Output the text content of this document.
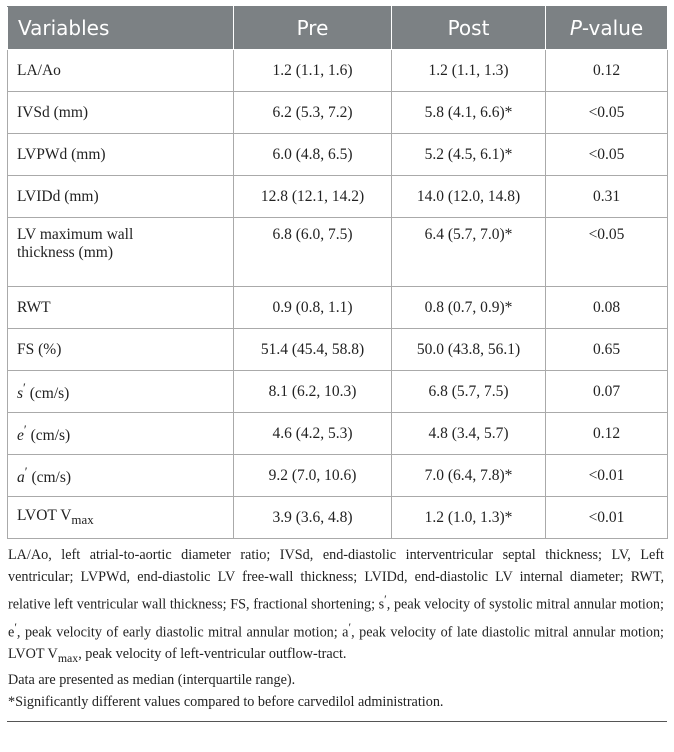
Variables	Pre	Post	P-value
LA/Ao	1.2 (1.1, 1.6)	1.2 (1.1, 1.3)	0.12
IVSd (mm)	6.2 (5.3, 7.2)	5.8 (4.1, 6.6)*	<0.05
LVPWd (mm)	6.0 (4.8, 6.5)	5.2 (4.5, 6.1)*	<0.05
LVIDd (mm)	12.8 (12.1, 14.2)	14.0 (12.0, 14.8)	0.31
LV maximum wall
thickness (mm)	6.8 (6.0, 7.5)	6.4 (5.7, 7.0)*	<0.05
RWT	0.9 (0.8, 1.1)	0.8 (0.7, 0.9)*	0.08
FS (%)	51.4 (45.4, 58.8)	50.0 (43.8, 56.1)	0.65
s′ (cm/s)	8.1 (6.2, 10.3)	6.8 (5.7, 7.5)	0.07
e′ (cm/s)	4.6 (4.2, 5.3)	4.8 (3.4, 5.7)	0.12
a′ (cm/s)	9.2 (7.0, 10.6)	7.0 (6.4, 7.8)*	<0.01
LVOT $V_{max}$	3.9 (3.6, 4.8)	1.2 (1.0, 1.3)*	<0.01

LA/Ao, left atrial-to-aortic diameter ratio; IVSd, end-diastolic interventricular septal thickness; LV, Left ventricular; LVPWd, end-diastolic LV free-wall thickness; LVIDd, end-diastolic LV internal diameter; RWT, relative left ventricular wall thickness; FS, fractional shortening; s′, peak velocity of systolic mitral annular motion; e′, peak velocity of early diastolic mitral annular motion; a′, peak velocity of late diastolic mitral annular motion; LVOT $V_{max}$, peak velocity of left-ventricular outflow-tract.

Data are presented as median (interquartile range).

*Significantly different values compared to before carvedilol administration.
